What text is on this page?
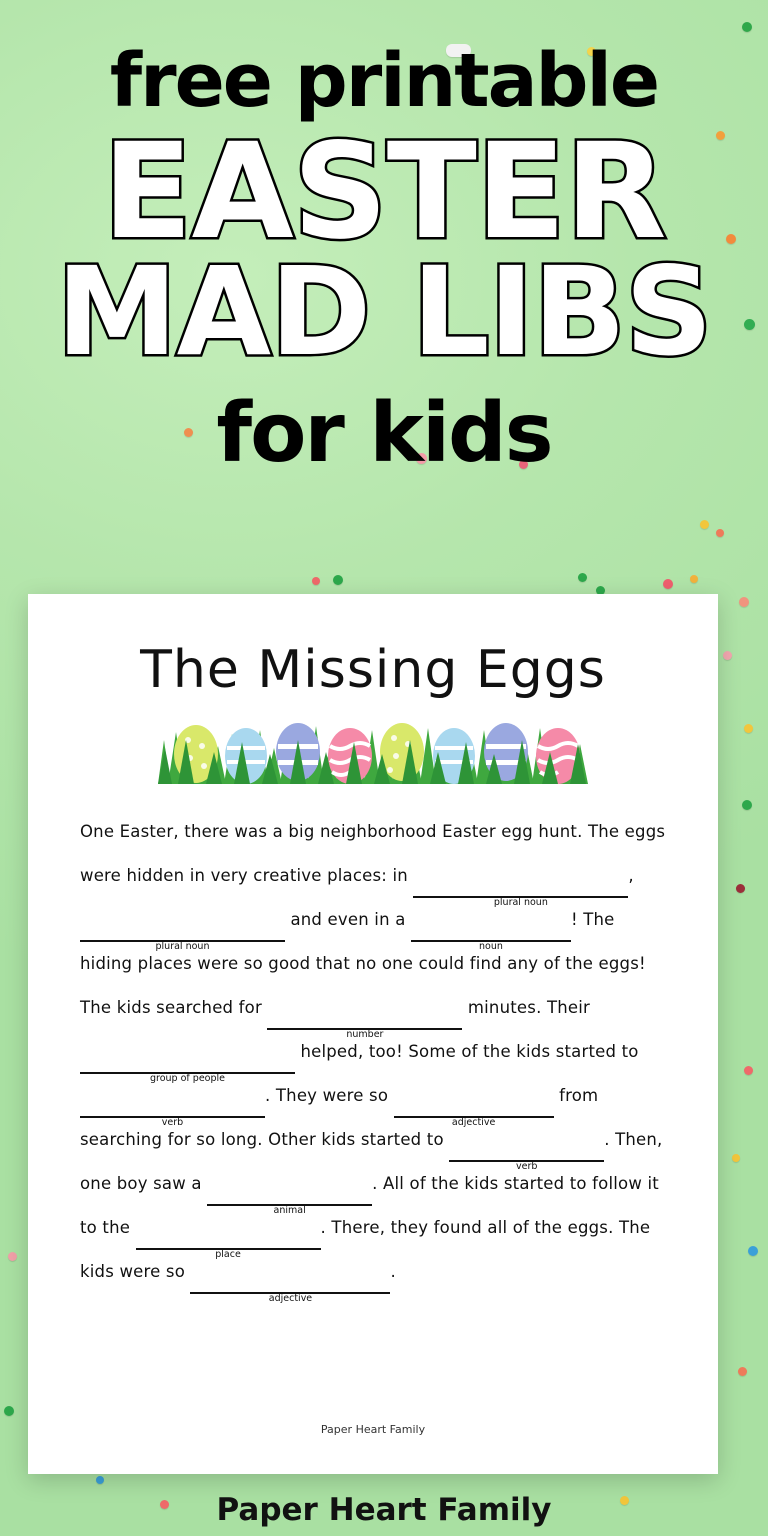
free printable
EASTER
MAD LIBS
for kids
The Missing Eggs
One Easter, there was a big neighborhood Easter egg hunt. The eggs were hidden in very creative places: in
plural noun
,
plural noun
and even in a
noun
! The hiding places were so good that no one could find any of the eggs! The kids searched for
number
minutes. Their
group of people
helped, too! Some of the kids started to
verb
. They were so
adjective
from searching for so long. Other kids started to
verb
. Then, one boy saw a
animal
. All of the kids started to follow it to the
place
. There, they found all of the eggs. The kids were so
adjective
.
Paper Heart Family
Paper Heart Family
